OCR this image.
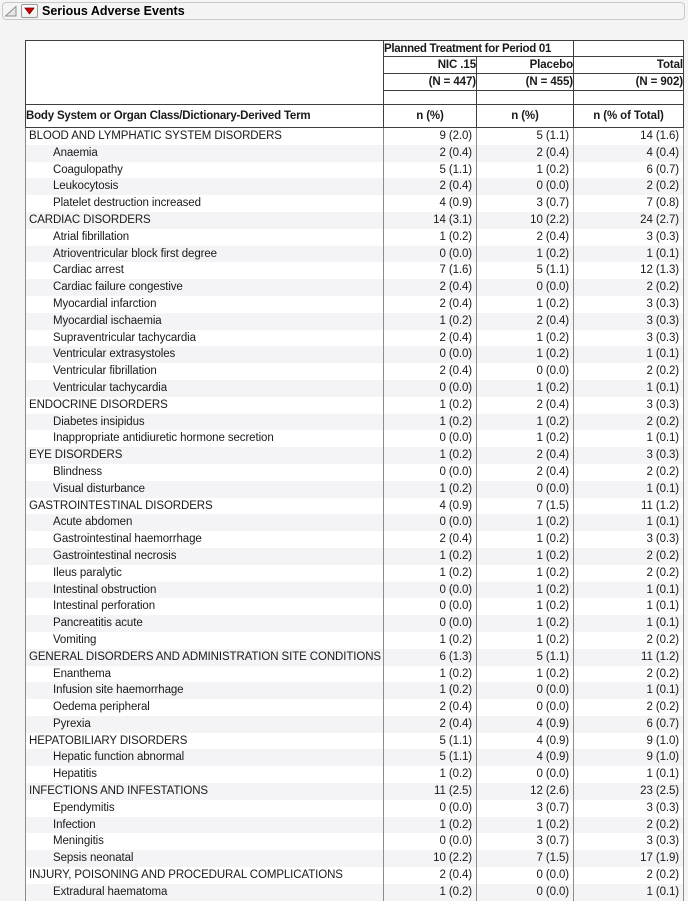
Serious Adverse Events
	Planned Treatment for Period 01		
	NIC .15	Placebo	Total
	(N = 447)	(N = 455)	(N = 902)

Body System or Organ Class/Dictionary-Derived Term	n (%)	n (%)	n (% of Total)
BLOOD AND LYMPHATIC SYSTEM DISORDERS	9 (2.0)	5 (1.1)	14 (1.6)
Anaemia	2 (0.4)	2 (0.4)	4 (0.4)
Coagulopathy	5 (1.1)	1 (0.2)	6 (0.7)
Leukocytosis	2 (0.4)	0 (0.0)	2 (0.2)
Platelet destruction increased	4 (0.9)	3 (0.7)	7 (0.8)
CARDIAC DISORDERS	14 (3.1)	10 (2.2)	24 (2.7)
Atrial fibrillation	1 (0.2)	2 (0.4)	3 (0.3)
Atrioventricular block first degree	0 (0.0)	1 (0.2)	1 (0.1)
Cardiac arrest	7 (1.6)	5 (1.1)	12 (1.3)
Cardiac failure congestive	2 (0.4)	0 (0.0)	2 (0.2)
Myocardial infarction	2 (0.4)	1 (0.2)	3 (0.3)
Myocardial ischaemia	1 (0.2)	2 (0.4)	3 (0.3)
Supraventricular tachycardia	2 (0.4)	1 (0.2)	3 (0.3)
Ventricular extrasystoles	0 (0.0)	1 (0.2)	1 (0.1)
Ventricular fibrillation	2 (0.4)	0 (0.0)	2 (0.2)
Ventricular tachycardia	0 (0.0)	1 (0.2)	1 (0.1)
ENDOCRINE DISORDERS	1 (0.2)	2 (0.4)	3 (0.3)
Diabetes insipidus	1 (0.2)	1 (0.2)	2 (0.2)
Inappropriate antidiuretic hormone secretion	0 (0.0)	1 (0.2)	1 (0.1)
EYE DISORDERS	1 (0.2)	2 (0.4)	3 (0.3)
Blindness	0 (0.0)	2 (0.4)	2 (0.2)
Visual disturbance	1 (0.2)	0 (0.0)	1 (0.1)
GASTROINTESTINAL DISORDERS	4 (0.9)	7 (1.5)	11 (1.2)
Acute abdomen	0 (0.0)	1 (0.2)	1 (0.1)
Gastrointestinal haemorrhage	2 (0.4)	1 (0.2)	3 (0.3)
Gastrointestinal necrosis	1 (0.2)	1 (0.2)	2 (0.2)
Ileus paralytic	1 (0.2)	1 (0.2)	2 (0.2)
Intestinal obstruction	0 (0.0)	1 (0.2)	1 (0.1)
Intestinal perforation	0 (0.0)	1 (0.2)	1 (0.1)
Pancreatitis acute	0 (0.0)	1 (0.2)	1 (0.1)
Vomiting	1 (0.2)	1 (0.2)	2 (0.2)
GENERAL DISORDERS AND ADMINISTRATION SITE CONDITIONS	6 (1.3)	5 (1.1)	11 (1.2)
Enanthema	1 (0.2)	1 (0.2)	2 (0.2)
Infusion site haemorrhage	1 (0.2)	0 (0.0)	1 (0.1)
Oedema peripheral	2 (0.4)	0 (0.0)	2 (0.2)
Pyrexia	2 (0.4)	4 (0.9)	6 (0.7)
HEPATOBILIARY DISORDERS	5 (1.1)	4 (0.9)	9 (1.0)
Hepatic function abnormal	5 (1.1)	4 (0.9)	9 (1.0)
Hepatitis	1 (0.2)	0 (0.0)	1 (0.1)
INFECTIONS AND INFESTATIONS	11 (2.5)	12 (2.6)	23 (2.5)
Ependymitis	0 (0.0)	3 (0.7)	3 (0.3)
Infection	1 (0.2)	1 (0.2)	2 (0.2)
Meningitis	0 (0.0)	3 (0.7)	3 (0.3)
Sepsis neonatal	10 (2.2)	7 (1.5)	17 (1.9)
INJURY, POISONING AND PROCEDURAL COMPLICATIONS	2 (0.4)	0 (0.0)	2 (0.2)
Extradural haematoma	1 (0.2)	0 (0.0)	1 (0.1)
